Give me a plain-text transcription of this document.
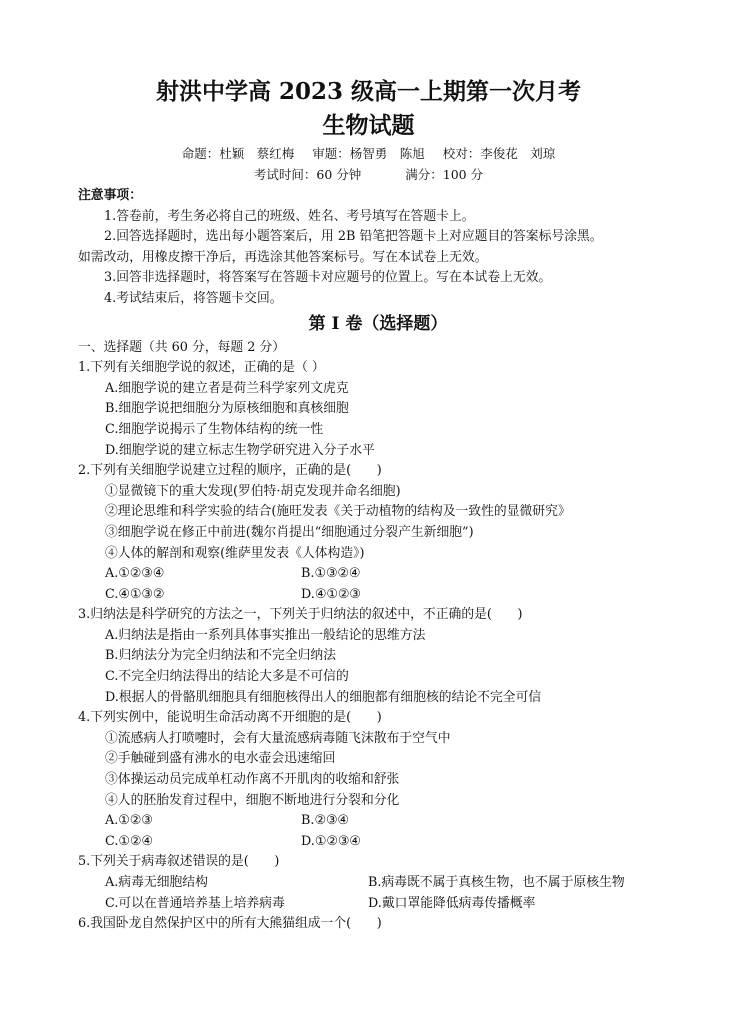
射洪中学高 2023 级高一上期第一次月考
生物试题
命题：杜颖　蔡红梅 审题：杨智勇　陈旭 校对：李俊花　刘琼
考试时间：60 分钟	满分：100 分
注意事项：
1.答卷前，考生务必将自己的班级、姓名、考号填写在答题卡上。
2.回答选择题时，选出每小题答案后，用 2B 铅笔把答题卡上对应题目的答案标号涂黑。
如需改动，用橡皮擦干净后，再选涂其他答案标号。写在本试卷上无效。
3.回答非选择题时，将答案写在答题卡对应题号的位置上。写在本试卷上无效。
4.考试结束后，将答题卡交回。
第 I 卷（选择题）
一、选择题（共 60 分，每题 2 分）
1.下列有关细胞学说的叙述，正确的是（ ）
A.细胞学说的建立者是荷兰科学家列文虎克
B.细胞学说把细胞分为原核细胞和真核细胞
C.细胞学说揭示了生物体结构的统一性
D.细胞学说的建立标志生物学研究进入分子水平
2.下列有关细胞学说建立过程的顺序，正确的是(　　)
①显微镜下的重大发现(罗伯特·胡克发现并命名细胞)
②理论思维和科学实验的结合(施旺发表《关于动植物的结构及一致性的显微研究》
③细胞学说在修正中前进(魏尔肖提出“细胞通过分裂产生新细胞”)
④人体的解剖和观察(维萨里发表《人体构造》)
A.①②③④	B.①③②④
C.④①③②	D.④①②③
3.归纳法是科学研究的方法之一，下列关于归纳法的叙述中，不正确的是(　　)
A.归纳法是指由一系列具体事实推出一般结论的思维方法
B.归纳法分为完全归纳法和不完全归纳法
C.不完全归纳法得出的结论大多是不可信的
D.根据人的骨骼肌细胞具有细胞核得出人的细胞都有细胞核的结论不完全可信
4.下列实例中，能说明生命活动离不开细胞的是(　　)
①流感病人打喷嚏时，会有大量流感病毒随飞沫散布于空气中
②手触碰到盛有沸水的电水壶会迅速缩回
③体操运动员完成单杠动作离不开肌肉的收缩和舒张
④人的胚胎发育过程中，细胞不断地进行分裂和分化
A.①②③	B.②③④
C.①②④	D.①②③④
5.下列关于病毒叙述错误的是(　　)
A.病毒无细胞结构	B.病毒既不属于真核生物，也不属于原核生物
C.可以在普通培养基上培养病毒	D.戴口罩能降低病毒传播概率
6.我国卧龙自然保护区中的所有大熊猫组成一个(　　)
